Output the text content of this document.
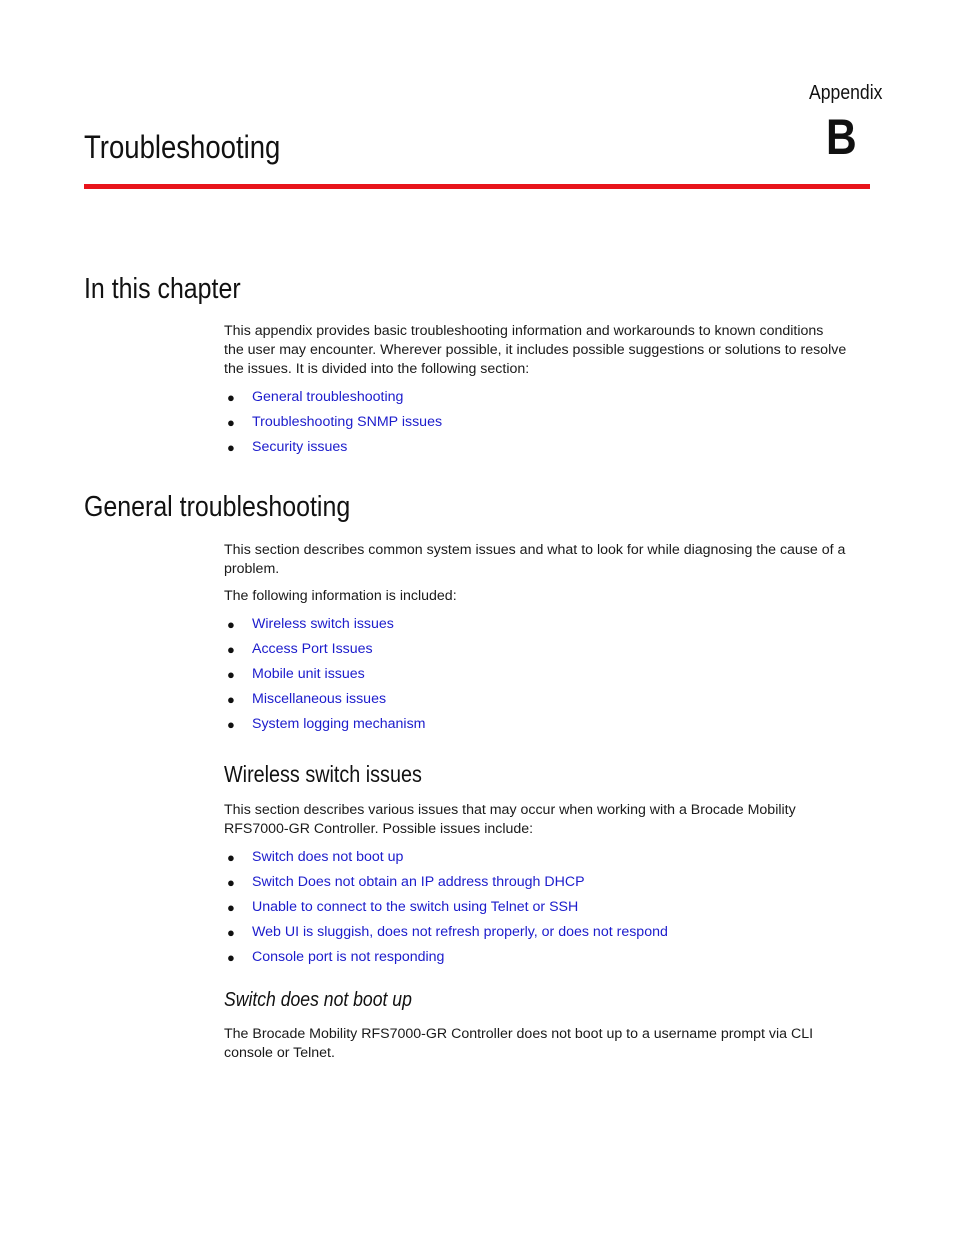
Appendix
B
Troubleshooting
In this chapter

This appendix provides basic troubleshooting information and workarounds to known conditions
the user may encounter. Wherever possible, it includes possible suggestions or solutions to resolve
the issues. It is divided into the following section:

● General troubleshooting
● Troubleshooting SNMP issues
● Security issues
General troubleshooting

This section describes common system issues and what to look for while diagnosing the cause of a
problem.

The following information is included:

● Wireless switch issues
● Access Port Issues
● Mobile unit issues
● Miscellaneous issues
● System logging mechanism
Wireless switch issues

This section describes various issues that may occur when working with a Brocade Mobility
RFS7000-GR Controller. Possible issues include:

● Switch does not boot up
● Switch Does not obtain an IP address through DHCP
● Unable to connect to the switch using Telnet or SSH
● Web UI is sluggish, does not refresh properly, or does not respond
● Console port is not responding
Switch does not boot up

The Brocade Mobility RFS7000-GR Controller does not boot up to a username prompt via CLI
console or Telnet.
